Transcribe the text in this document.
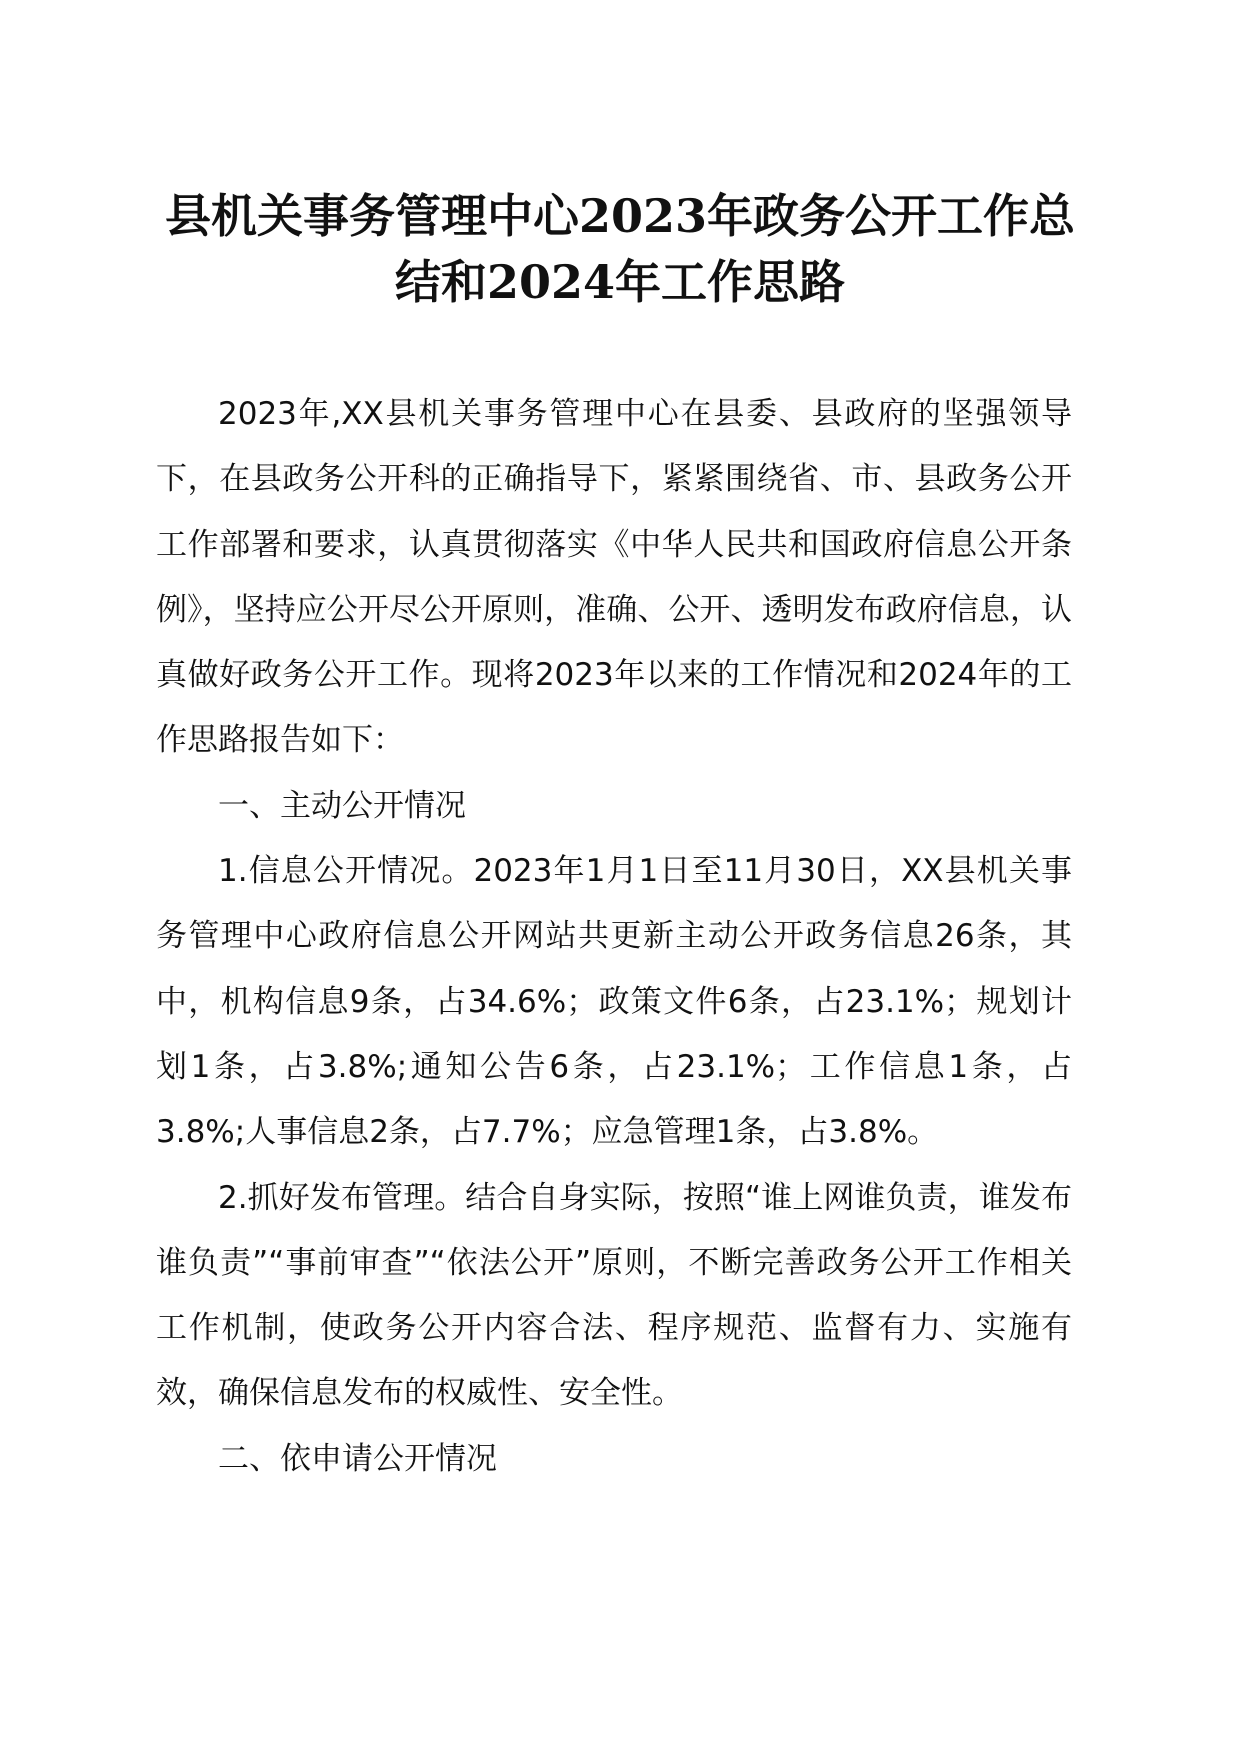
县机关事务管理中心2023年政务公开工作总
结和2024年工作思路

2023年,XX县机关事务管理中心在县委、县政府的坚强领导下，在县政务公开科的正确指导下，紧紧围绕省、市、县政务公开工作部署和要求，认真贯彻落实《中华人民共和国政府信息公开条例》，坚持应公开尽公开原则，准确、公开、透明发布政府信息，认真做好政务公开工作。现将2023年以来的工作情况和2024年的工作思路报告如下：

一、主动公开情况

1.信息公开情况。2023年1月1日至11月30日，XX县机关事务管理中心政府信息公开网站共更新主动公开政务信息26条，其中，机构信息9条，占34.6%；政策文件6条，占23.1%；规划计划1条，占3.8%;通知公告6条，占23.1%；工作信息1条，占3.8%;人事信息2条，占7.7%；应急管理1条，占3.8%。

2.抓好发布管理。结合自身实际，按照“谁上网谁负责，谁发布谁负责”“事前审查”“依法公开”原则，不断完善政务公开工作相关工作机制，使政务公开内容合法、程序规范、监督有力、实施有效，确保信息发布的权威性、安全性。

二、依申请公开情况
